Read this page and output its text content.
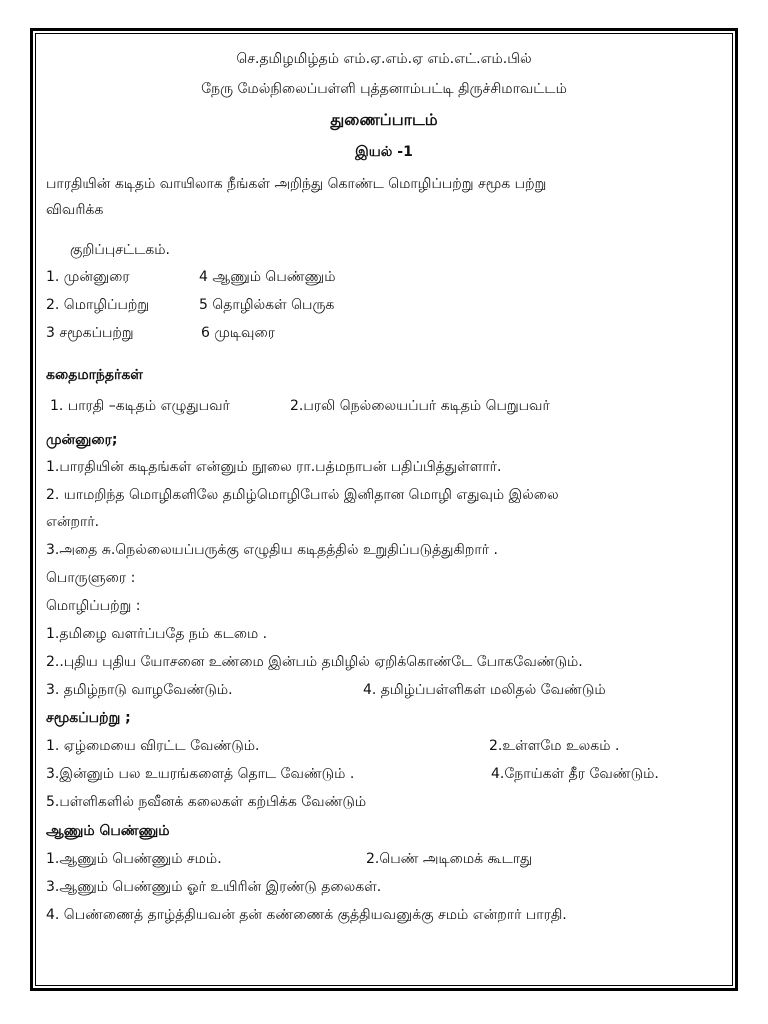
செ.தமிழமிழ்தம் எம்.ஏ.எம்.ஏ எம்.எட்.எம்.பில்
நேரு மேல்நிலைப்பள்ளி புத்தனாம்பட்டி திருச்சிமாவட்டம்
துணைப்பாடம்
இயல் -1
பாரதியின் கடிதம் வாயிலாக நீங்கள் அறிந்து கொண்ட மொழிப்பற்று சமூக பற்று
விவரிக்க
குறிப்புசட்டகம்.
1. முன்னுரை	4 ஆணும் பெண்ணும்
2. மொழிப்பற்று	5 தொழில்கள் பெருக
3 சமூகப்பற்று	6 முடிவுரை
கதைமாந்தர்கள்
1. பாரதி –கடிதம் எழுதுபவர்	2.பரலி நெல்லையப்பர் கடிதம் பெறுபவர்
முன்னுரை;
1.பாரதியின் கடிதங்கள் என்னும் நூலை ரா.பத்மநாபன் பதிப்பித்துள்ளார்.
2. யாமறிந்த மொழிகளிலே தமிழ்மொழிபோல் இனிதான மொழி எதுவும் இல்லை
என்றார்.
3.அதை சு.நெல்லையப்பருக்கு எழுதிய கடிதத்தில் உறுதிப்படுத்துகிறார் .
பொருளுரை :
மொழிப்பற்று :
1.தமிழை வளர்ப்பதே நம் கடமை .
2..புதிய புதிய யோசனை உண்மை இன்பம் தமிழில் ஏறிக்கொண்டே போகவேண்டும்.
3. தமிழ்நாடு வாழவேண்டும்.	4. தமிழ்ப்பள்ளிகள் மலிதல் வேண்டும்
சமூகப்பற்று ;
1. ஏழ்மையை விரட்ட வேண்டும்.	2.உள்ளமே உலகம் .
3.இன்னும் பல உயரங்களைத் தொட வேண்டும் .	4.நோய்கள் தீர வேண்டும்.
5.பள்ளிகளில் நவீனக் கலைகள் கற்பிக்க வேண்டும்
ஆணும் பெண்ணும்
1.ஆணும் பெண்ணும் சமம்.	2.பெண் அடிமைக் கூடாது
3.ஆணும் பெண்ணும் ஓர் உயிரின் இரண்டு தலைகள்.
4. பெண்ணைத் தாழ்த்தியவன் தன் கண்ணைக் குத்தியவனுக்கு சமம் என்றார் பாரதி.
